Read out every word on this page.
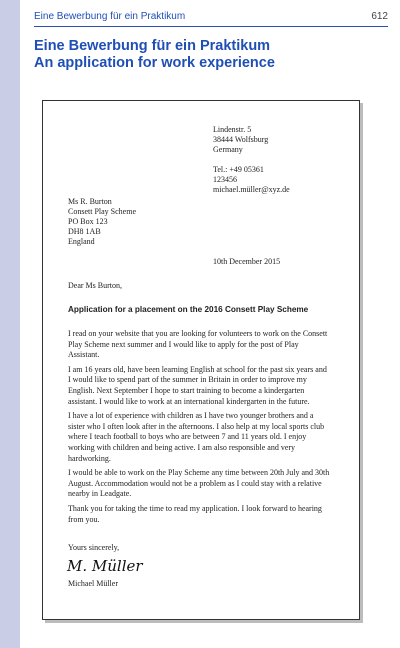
Eine Bewerbung für ein Praktikum	612
Eine Bewerbung für ein Praktikum
An application for work experience
Lindenstr. 5
38444 Wolfsburg
Germany
Tel.: +49 05361
123456
michael.müller@xyz.de
Ms R. Burton
Consett Play Scheme
PO Box 123
DH8 1AB
England
10th December 2015
Dear Ms Burton,
Application for a placement on the 2016 Consett Play Scheme

I read on your website that you are looking for volunteers to work on the Consett Play Scheme next summer and I would like to apply for the post of Play Assistant.

I am 16 years old, have been learning English at school for the past six years and I would like to spend part of the summer in Britain in order to improve my English. Next September I hope to start training to become a kindergarten assistant. I would like to work at an international kindergarten in the future.

I have a lot of experience with children as I have two younger brothers and a sister who I often look after in the afternoons. I also help at my local sports club where I teach football to boys who are between 7 and 11 years old. I enjoy working with children and being active. I am also responsible and very hardworking.

I would be able to work on the Play Scheme any time between 20th July and 30th August. Accommodation would not be a problem as I could stay with a relative nearby in Leadgate.

Thank you for taking the time to read my application. I look forward to hearing from you.

Yours sincerely,
M. Müller
Michael Müller
